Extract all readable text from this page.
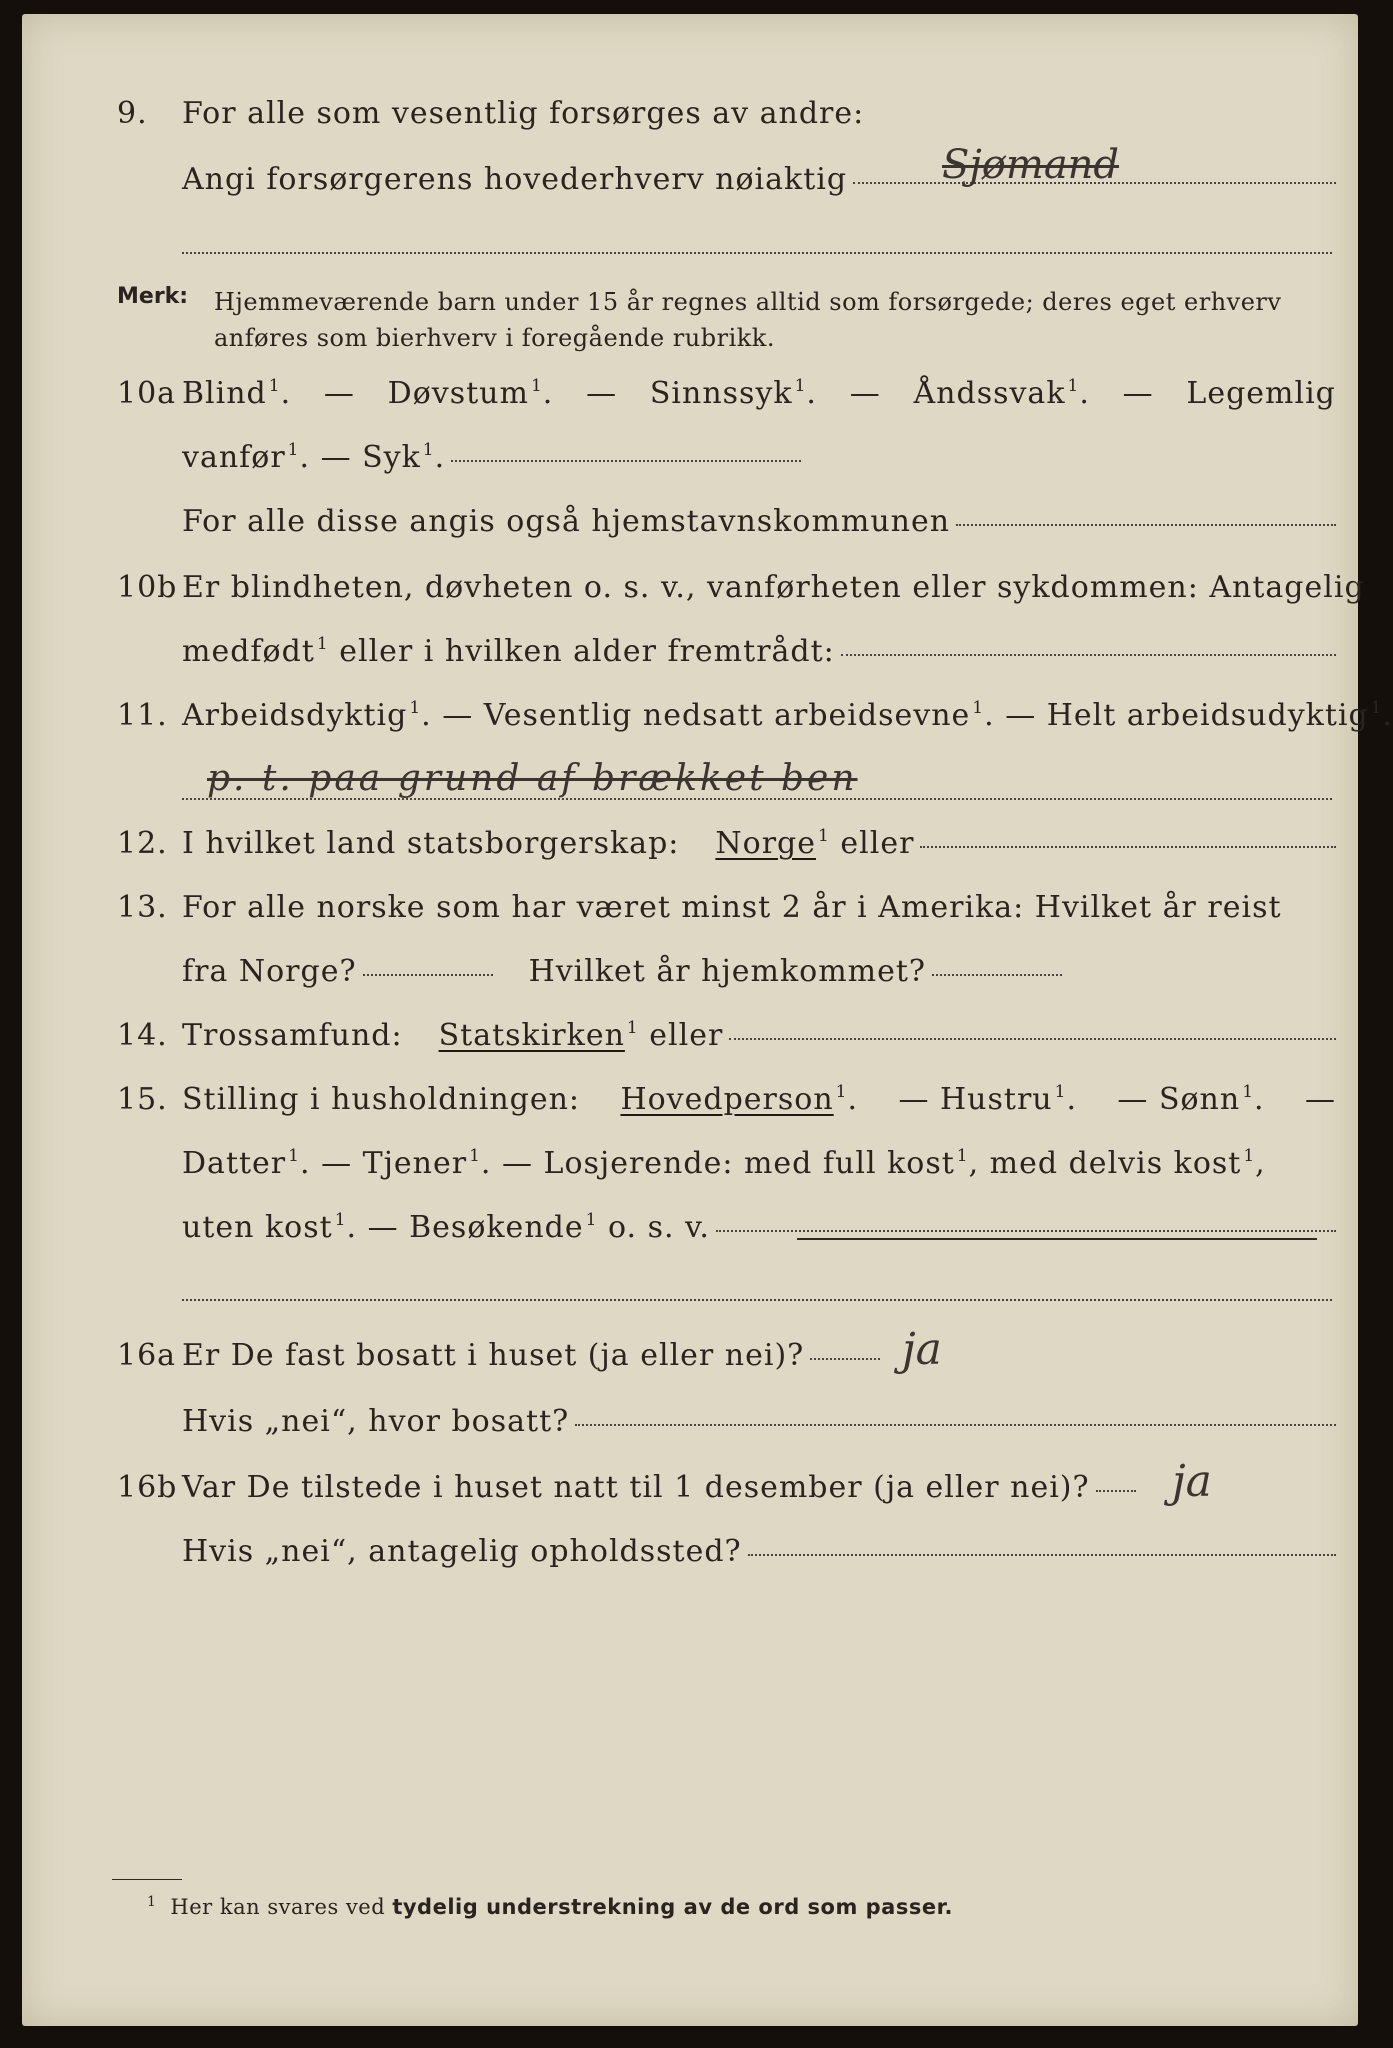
9. For alle som vesentlig forsørges av andre:
Angi forsørgerens hovederhverv nøiaktig Sjømand
Merk: Hjemmeværende barn under 15 år regnes alltid som forsørgede; deres eget erhverv anføres som bierhverv i foregående rubrikk.
10a Blind $^1$. — Døvstum $^1$. — Sinnssyk $^1$. — Åndssvak $^1$. — Legemlig
vanfør $^1$. — Syk $^1$.
For alle disse angis også hjemstavnskommunen
10b Er blindheten, døvheten o. s. v., vanførheten eller sykdommen: Antagelig
medfødt $^1$ eller i hvilken alder fremtrådt:
11. Arbeidsdyktig $^1$. — Vesentlig nedsatt arbeidsevne $^1$. — Helt arbeidsudyktig $^1$.
p. t. paa grund af brækket ben
12. I hvilket land statsborgerskap: Norge $^1$ eller
13. For alle norske som har været minst 2 år i Amerika: Hvilket år reist
fra Norge?	Hvilket år hjemkommet?
14. Trossamfund: Statskirken $^1$ eller
15. Stilling i husholdningen: Hovedperson $^1$. — Hustru $^1$. — Sønn $^1$. —
Datter $^1$. — Tjener $^1$. — Losjerende: med full kost $^1$, med delvis kost $^1$,
uten kost $^1$. — Besøkende $^1$ o. s. v.
16a Er De fast bosatt i huset (ja eller nei)? ja
Hvis „nei“, hvor bosatt?
16b Var De tilstede i huset natt til 1 desember (ja eller nei)? ja
Hvis „nei“, antagelig opholdssted?
$^1$ Her kan svares ved tydelig understrekning av de ord som passer.
